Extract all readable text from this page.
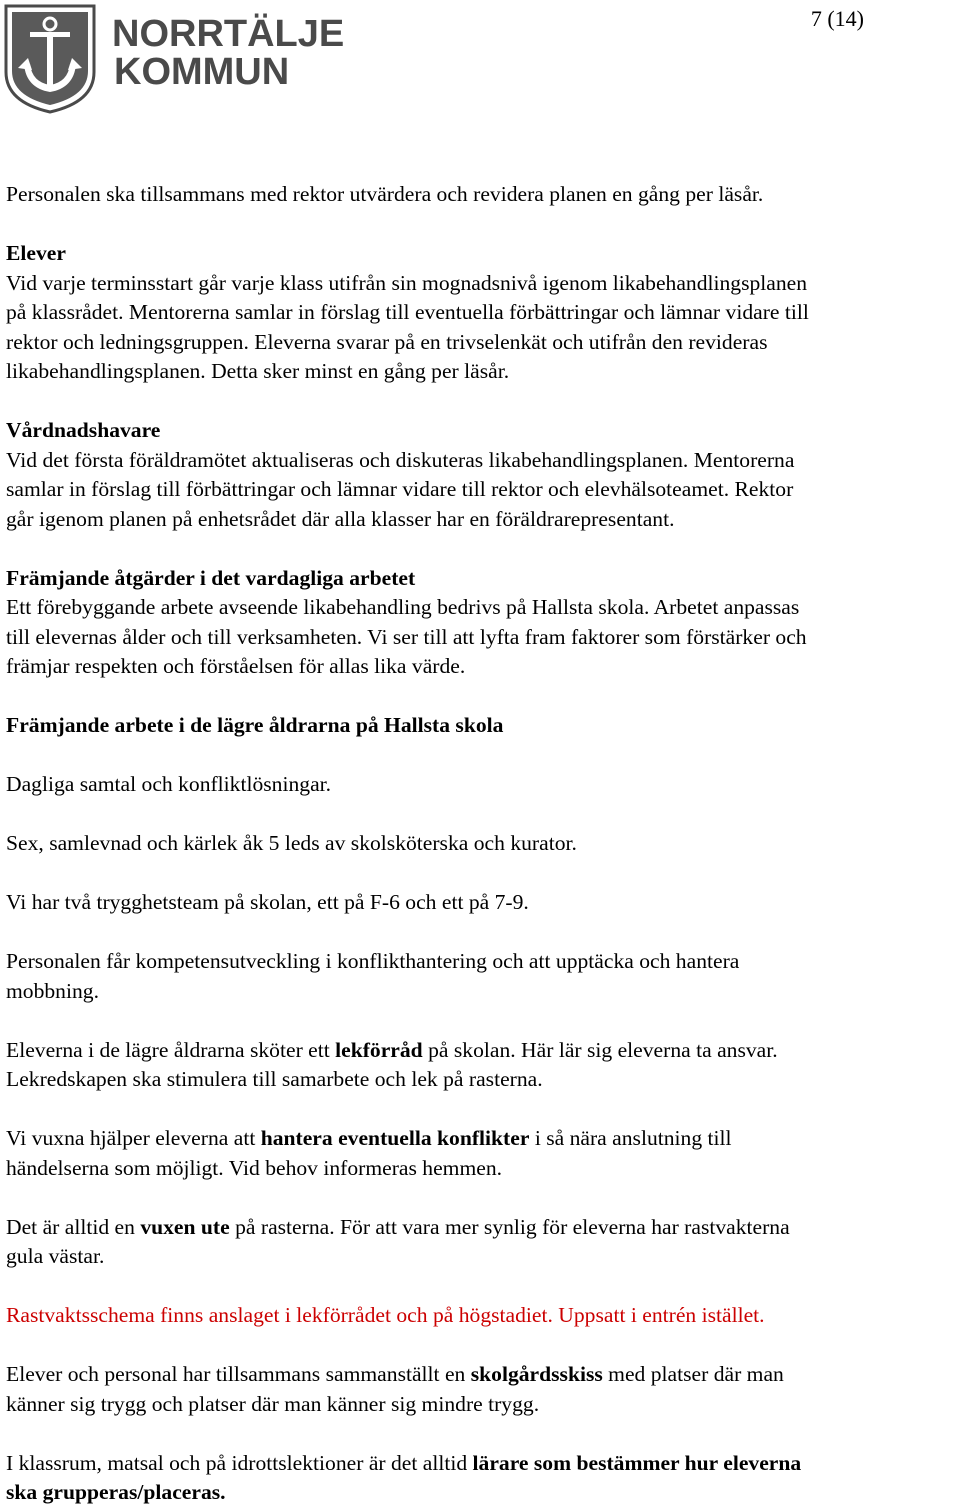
NORRTÄLJE
KOMMUN
7 (14)

Personalen ska tillsammans med rektor utvärdera och revidera planen en gång per läsår.

Elever

Vid varje terminsstart går varje klass utifrån sin mognadsnivå igenom likabehandlingsplanen

på klassrådet. Mentorerna samlar in förslag till eventuella förbättringar och lämnar vidare till

rektor och ledningsgruppen. Eleverna svarar på en trivselenkät och utifrån den revideras

likabehandlingsplanen. Detta sker minst en gång per läsår.

Vårdnadshavare

Vid det första föräldramötet aktualiseras och diskuteras likabehandlingsplanen. Mentorerna

samlar in förslag till förbättringar och lämnar vidare till rektor och elevhälsoteamet. Rektor

går igenom planen på enhetsrådet där alla klasser har en föräldrarepresentant.

Främjande åtgärder i det vardagliga arbetet

Ett förebyggande arbete avseende likabehandling bedrivs på Hallsta skola. Arbetet anpassas

till elevernas ålder och till verksamheten. Vi ser till att lyfta fram faktorer som förstärker och

främjar respekten och förståelsen för allas lika värde.

Främjande arbete i de lägre åldrarna på Hallsta skola

Dagliga samtal och konfliktlösningar.

Sex, samlevnad och kärlek åk 5 leds av skolsköterska och kurator.

Vi har två trygghetsteam på skolan, ett på F-6 och ett på 7-9.

Personalen får kompetensutveckling i konflikthantering och att upptäcka och hantera

mobbning.

Eleverna i de lägre åldrarna sköter ett lekförråd på skolan. Här lär sig eleverna ta ansvar.

Lekredskapen ska stimulera till samarbete och lek på rasterna.

Vi vuxna hjälper eleverna att hantera eventuella konflikter i så nära anslutning till

händelserna som möjligt. Vid behov informeras hemmen.

Det är alltid en vuxen ute på rasterna. För att vara mer synlig för eleverna har rastvakterna

gula västar.

Rastvaktsschema finns anslaget i lekförrådet och på högstadiet. Uppsatt i entrén istället.

Elever och personal har tillsammans sammanställt en skolgårdsskiss med platser där man

känner sig trygg och platser där man känner sig mindre trygg.

I klassrum, matsal och på idrottslektioner är det alltid lärare som bestämmer hur eleverna

ska grupperas/placeras.
